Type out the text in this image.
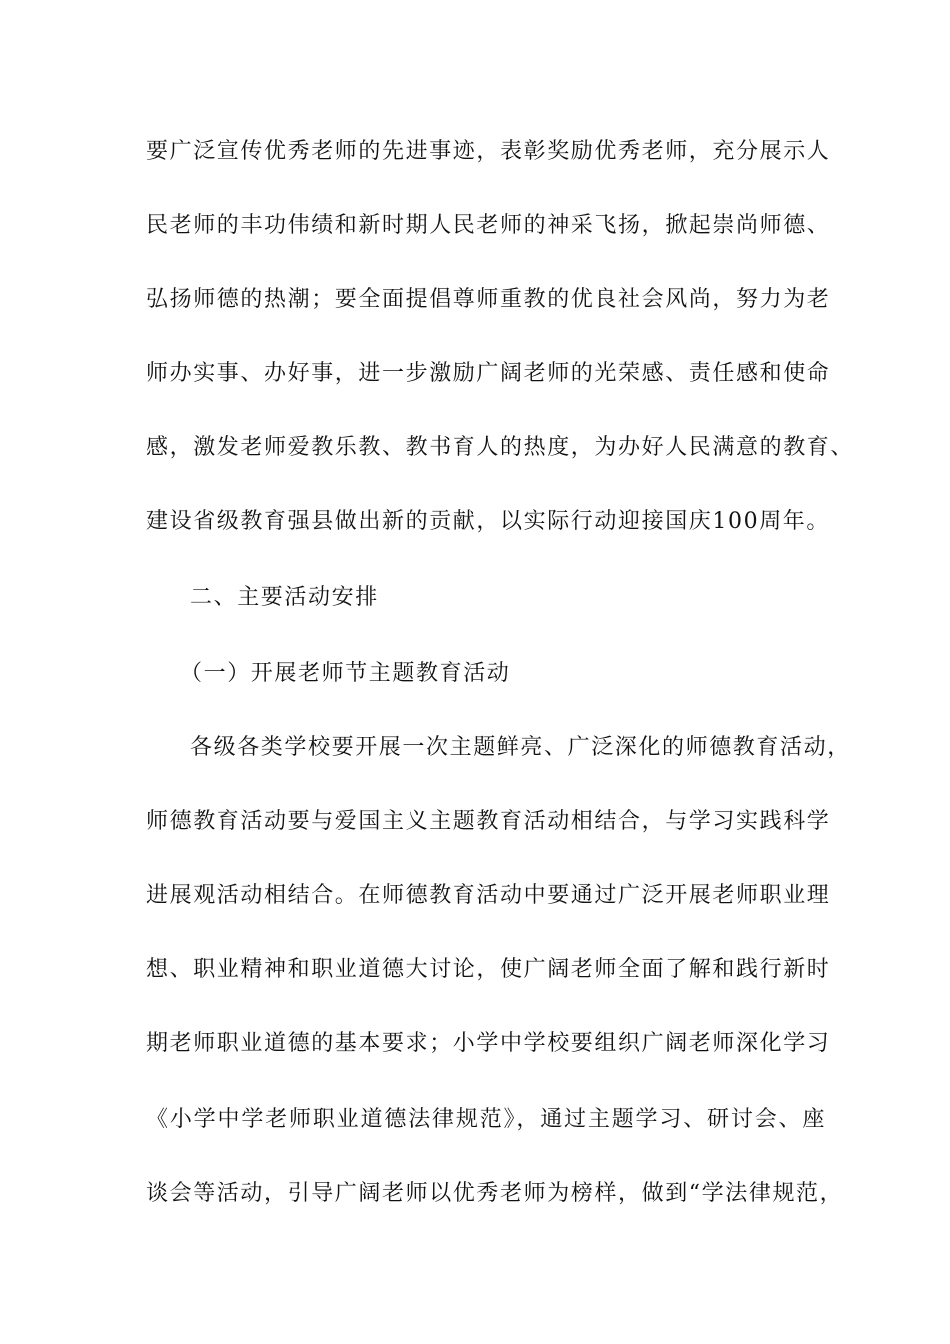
要广泛宣传优秀老师的先进事迹，表彰奖励优秀老师，充分展示人
民老师的丰功伟绩和新时期人民老师的神采飞扬，掀起崇尚师德、
弘扬师德的热潮；要全面提倡尊师重教的优良社会风尚，努力为老
师办实事、办好事，进一步激励广阔老师的光荣感、责任感和使命
感，激发老师爱教乐教、教书育人的热度，为办好人民满意的教育、
建设省级教育强县做出新的贡献，以实际行动迎接国庆100周年。
二、主要活动安排
（一）开展老师节主题教育活动
各级各类学校要开展一次主题鲜亮、广泛深化的师德教育活动，
师德教育活动要与爱国主义主题教育活动相结合，与学习实践科学
进展观活动相结合。在师德教育活动中要通过广泛开展老师职业理
想、职业精神和职业道德大讨论，使广阔老师全面了解和践行新时
期老师职业道德的基本要求；小学中学校要组织广阔老师深化学习
《小学中学老师职业道德法律规范》，通过主题学习、研讨会、座
谈会等活动，引导广阔老师以优秀老师为榜样，做到“学法律规范，
